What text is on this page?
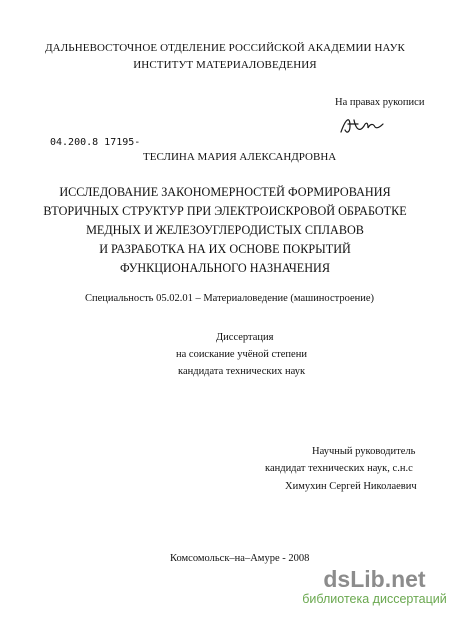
ДАЛЬНЕВОСТОЧНОЕ ОТДЕЛЕНИЕ РОССИЙСКОЙ АКАДЕМИИ НАУК
ИНСТИТУТ МАТЕРИАЛОВЕДЕНИЯ
На правах рукописи
04.200.8 17195-
ТЕСЛИНА МАРИЯ АЛЕКСАНДРОВНА
ИССЛЕДОВАНИЕ ЗАКОНОМЕРНОСТЕЙ ФОРМИРОВАНИЯ
ВТОРИЧНЫХ СТРУКТУР ПРИ ЭЛЕКТРОИСКРОВОЙ ОБРАБОТКЕ
МЕДНЫХ И ЖЕЛЕЗОУГЛЕРОДИСТЫХ СПЛАВОВ
И РАЗРАБОТКА НА ИХ ОСНОВЕ ПОКРЫТИЙ
ФУНКЦИОНАЛЬНОГО НАЗНАЧЕНИЯ
Специальность 05.02.01 – Материаловедение (машиностроение)
Диссертация
на соискание учёной степени
кандидата технических наук
Научный руководитель
кандидат технических наук, с.н.с
Химухин Сергей Николаевич
Комсомольск–на–Амуре - 2008
dsLib.net
библиотека диссертаций
